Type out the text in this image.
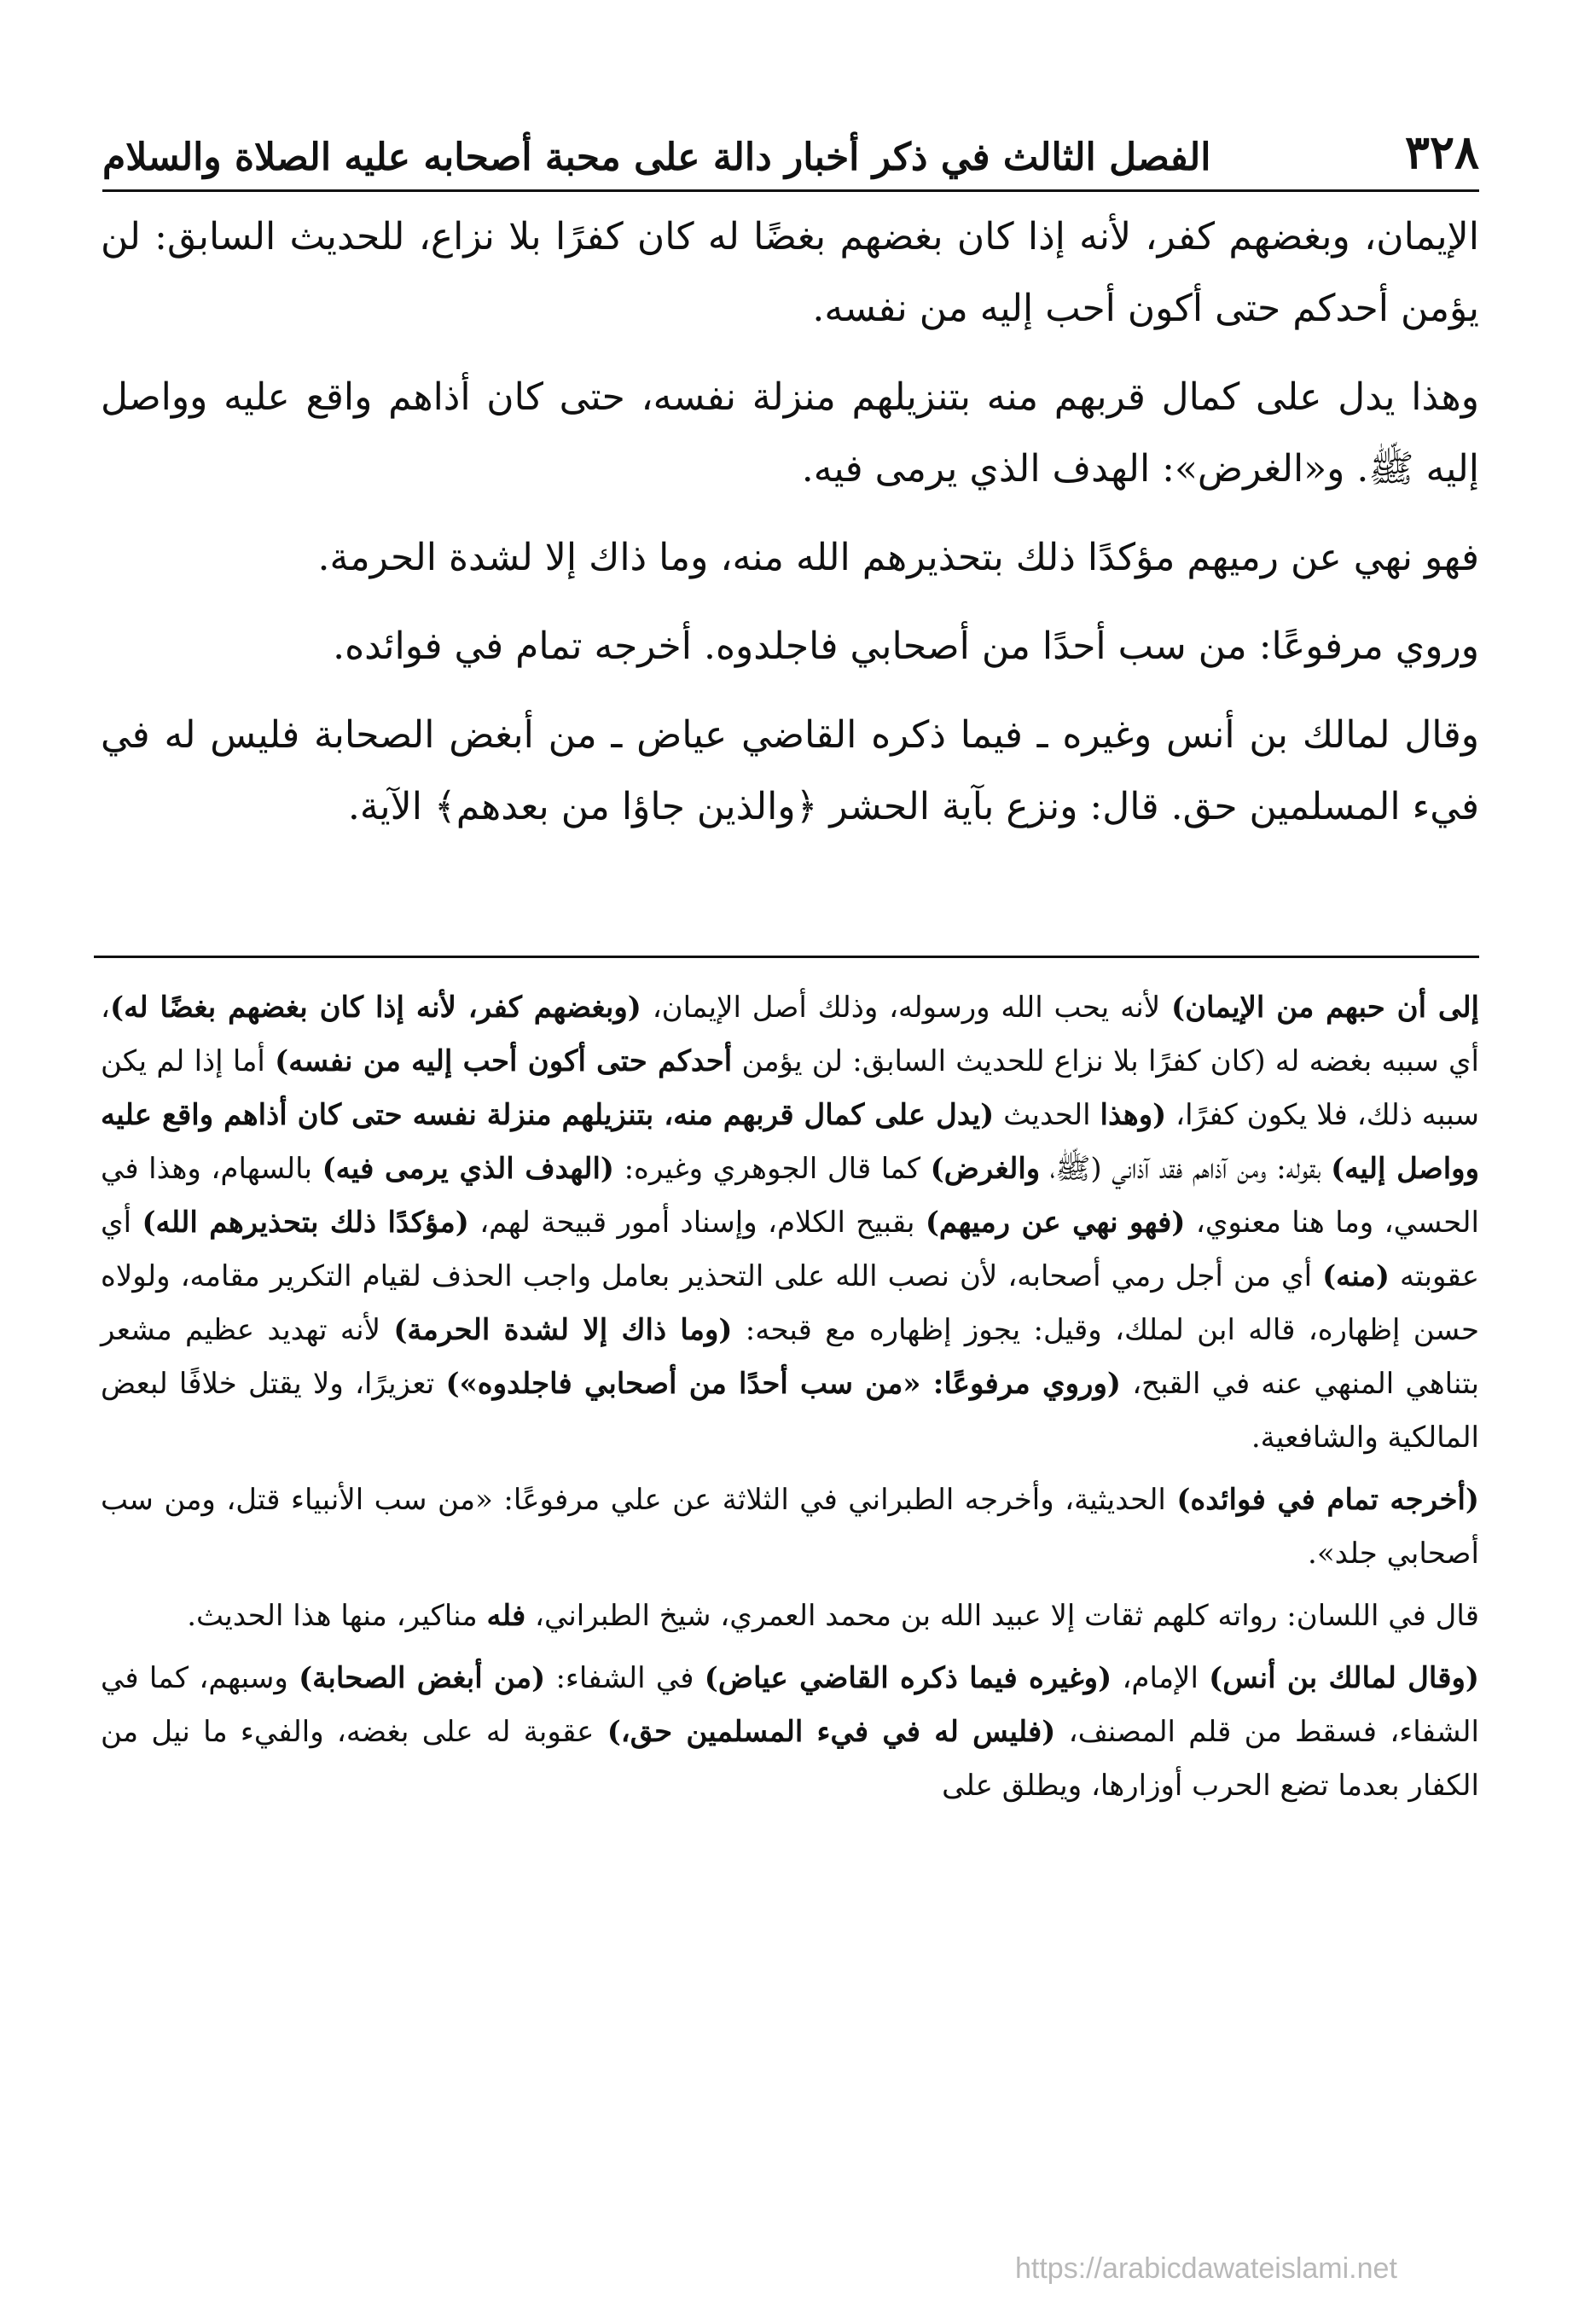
٣٢٨
الفصل الثالث في ذكر أخبار دالة على محبة أصحابه عليه الصلاة والسلام

الإيمان، وبغضهم كفر، لأنه إذا كان بغضهم بغضًا له كان كفرًا بلا نزاع، للحديث السابق: لن يؤمن أحدكم حتى أكون أحب إليه من نفسه.

وهذا يدل على كمال قربهم منه بتنزيلهم منزلة نفسه، حتى كان أذاهم واقع عليه وواصل إليه ﷺ. و«الغرض»: الهدف الذي يرمى فيه.

فهو نهي عن رميهم مؤكدًا ذلك بتحذيرهم الله منه، وما ذاك إلا لشدة الحرمة.

وروي مرفوعًا: من سب أحدًا من أصحابي فاجلدوه. أخرجه تمام في فوائده.

وقال لمالك بن أنس وغيره ـ فيما ذكره القاضي عياض ـ من أبغض الصحابة فليس له في فيء المسلمين حق. قال: ونزع بآية الحشر ﴿والذين جاؤا من بعدهم﴾ الآية.

إلى أن حبهم من الإيمان) لأنه يحب الله ورسوله، وذلك أصل الإيمان، (وبغضهم كفر، لأنه إذا كان بغضهم بغضًا له)، أي سببه بغضه له (كان كفرًا بلا نزاع للحديث السابق: لن يؤمن أحدكم حتى أكون أحب إليه من نفسه) أما إذا لم يكن سببه ذلك، فلا يكون كفرًا، (وهذا الحديث (يدل على كمال قربهم منه، بتنزيلهم منزلة نفسه حتى كان أذاهم واقع عليه وواصل إليه) بقوله: ومن آذاهم فقد آذاني (ﷺ، والغرض) كما قال الجوهري وغيره: (الهدف الذي يرمى فيه) بالسهام، وهذا في الحسي، وما هنا معنوي، (فهو نهي عن رميهم) بقبيح الكلام، وإسناد أمور قبيحة لهم، (مؤكدًا ذلك بتحذيرهم الله) أي عقوبته (منه) أي من أجل رمي أصحابه، لأن نصب الله على التحذير بعامل واجب الحذف لقيام التكرير مقامه، ولولاه حسن إظهاره، قاله ابن لملك، وقيل: يجوز إظهاره مع قبحه: (وما ذاك إلا لشدة الحرمة) لأنه تهديد عظيم مشعر بتناهي المنهي عنه في القبح، (وروي مرفوعًا: «من سب أحدًا من أصحابي فاجلدوه») تعزيرًا، ولا يقتل خلافًا لبعض المالكية والشافعية.

(أخرجه تمام في فوائده) الحديثية، وأخرجه الطبراني في الثلاثة عن علي مرفوعًا: «من سب الأنبياء قتل، ومن سب أصحابي جلد».

قال في اللسان: رواته كلهم ثقات إلا عبيد الله بن محمد العمري، شيخ الطبراني، فله مناكير، منها هذا الحديث.

(وقال لمالك بن أنس) الإمام، (وغيره فيما ذكره القاضي عياض) في الشفاء: (من أبغض الصحابة) وسبهم، كما في الشفاء، فسقط من قلم المصنف، (فليس له في فيء المسلمين حق،) عقوبة له على بغضه، والفيء ما نيل من الكفار بعدما تضع الحرب أوزارها، ويطلق على

https://arabicdawateislami.net
